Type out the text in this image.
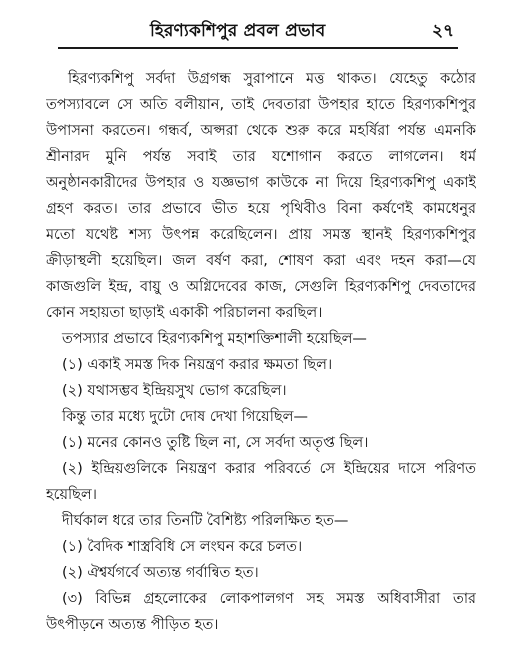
হিরণ্যকশিপুর প্রবল প্রভাব	২৭
হিরণ্যকশিপু সর্বদা উগ্রগন্ধ সুরাপানে মত্ত থাকত। যেহেতু কঠোর
তপস্যাবলে সে অতি বলীয়ান, তাই দেবতারা উপহার হাতে হিরণ্যকশিপুর
উপাসনা করতেন। গন্ধর্ব, অপ্সরা থেকে শুরু করে মহর্ষিরা পর্যন্ত এমনকি
শ্রীনারদ মুনি পর্যন্ত সবাই তার যশোগান করতে লাগলেন। ধর্ম
অনুষ্ঠানকারীদের উপহার ও যজ্ঞভাগ কাউকে না দিয়ে হিরণ্যকশিপু একাই
গ্রহণ করত। তার প্রভাবে ভীত হয়ে পৃথিবীও বিনা কর্ষণেই কামধেনুর
মতো যথেষ্ট শস্য উৎপন্ন করেছিলেন। প্রায় সমস্ত স্থানই হিরণ্যকশিপুর
ক্রীড়াস্থলী হয়েছিল। জল বর্ষণ করা, শোষণ করা এবং দহন করা—যে
কাজগুলি ইন্দ্র, বায়ু ও অগ্নিদেবের কাজ, সেগুলি হিরণ্যকশিপু দেবতাদের
কোন সহায়তা ছাড়াই একাকী পরিচালনা করছিল।
তপস্যার প্রভাবে হিরণ্যকশিপু মহাশক্তিশালী হয়েছিল—
(১) একাই সমস্ত দিক নিয়ন্ত্রণ করার ক্ষমতা ছিল।
(২) যথাসম্ভব ইন্দ্রিয়সুখ ভোগ করেছিল।
কিন্তু তার মধ্যে দুটো দোষ দেখা গিয়েছিল—
(১) মনের কোনও তুষ্টি ছিল না, সে সর্বদা অতৃপ্ত ছিল।
(২) ইন্দ্রিয়গুলিকে নিয়ন্ত্রণ করার পরিবর্তে সে ইন্দ্রিয়ের দাসে পরিণত
হয়েছিল।
দীর্ঘকাল ধরে তার তিনটি বৈশিষ্ট্য পরিলক্ষিত হত—
(১) বৈদিক শাস্ত্রবিধি সে লংঘন করে চলত।
(২) ঐশ্বর্যগর্বে অত্যন্ত গর্বান্বিত হত।
(৩) বিভিন্ন গ্রহলোকের লোকপালগণ সহ সমস্ত অধিবাসীরা তার
উৎপীড়নে অত্যন্ত পীড়িত হত।
